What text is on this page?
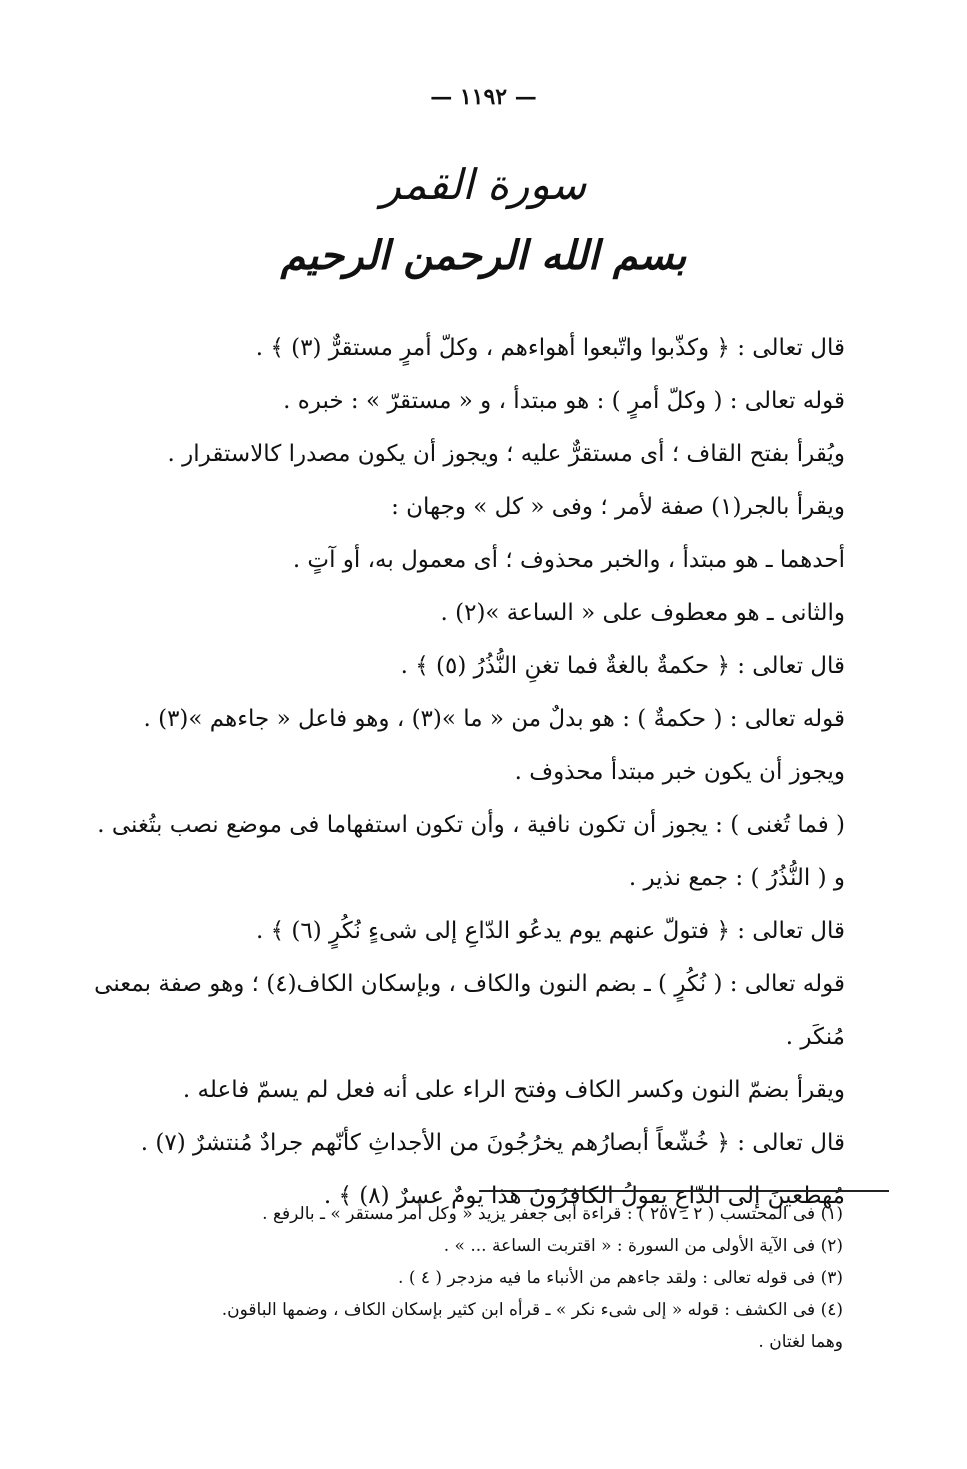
— ١١٩٢ —
سورة القمر
بسم الله الرحمن الرحيم
قال تعالى : ﴿ وكذّبوا واتّبعوا أهواءهم ، وكلّ أمرٍ مستقرٌّ (٣) ﴾ .
قوله تعالى : ( وكلّ أمرٍ ) : هو مبتدأ ، و « مستقرّ » : خبره .
ويُقرأ بفتح القاف ؛ أى مستقرٌّ عليه ؛ ويجوز أن يكون مصدرا كالاستقرار .
ويقرأ بالجر(١) صفة لأمر ؛ وفى « كل » وجهان :
أحدهما ـ هو مبتدأ ، والخبر محذوف ؛ أى معمول به، أو آتٍ .
والثانى ـ هو معطوف على « الساعة »(٢) .
قال تعالى : ﴿ حكمةٌ بالغةٌ فما تغنِ النُّذُرُ (٥) ﴾ .
قوله تعالى : ( حكمةٌ ) : هو بدلٌ من « ما »(٣) ، وهو فاعل « جاءهم »(٣) .
ويجوز أن يكون خبر مبتدأ محذوف .
( فما تُغنى ) : يجوز أن تكون نافية ، وأن تكون استفهاما فى موضع نصب بتُغنى .
و ( النُّذُرُ ) : جمع نذير .
قال تعالى : ﴿ فتولّ عنهم يوم يدعُو الدّاعِ إلى شىءٍ نُكُرٍ (٦) ﴾ .
قوله تعالى : ( نُكُرٍ ) ـ بضم النون والكاف ، وبإسكان الكاف(٤) ؛ وهو صفة بمعنى
مُنكَر .
ويقرأ بضمّ النون وكسر الكاف وفتح الراء على أنه فعل لم يسمّ فاعله .
قال تعالى : ﴿ خُشّعاً أبصارُهم يخرُجُونَ من الأجداثِ كأنّهم جرادٌ مُنتشرٌ (٧) .
مُهطعينَ إلى الدّاعِ يقولُ الكافرُونَ هذا يومٌ عسرٌ (٨) ﴾ .
(١) فى المحتسب ( ٢ ـ ٢٥٧ ) : قراءة أبى جعفر يزيد « وكل أمر مستقر » ـ بالرفع .
(٢) فى الآية الأولى من السورة : « اقتربت الساعة ... » .
(٣) فى قوله تعالى : ولقد جاءهم من الأنباء ما فيه مزدجر ( ٤ ) .
(٤) فى الكشف : قوله « إلى شىء نكر » ـ قرأه ابن كثير بإسكان الكاف ، وضمها الباقون.
وهما لغتان .
